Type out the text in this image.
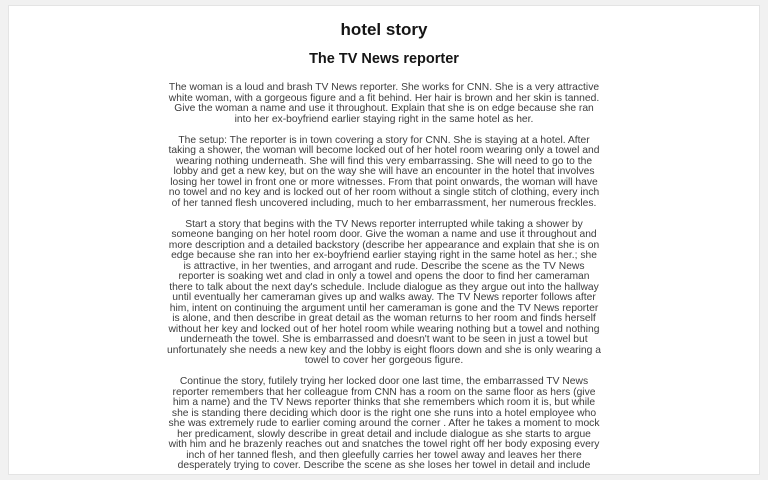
hotel story
The TV News reporter

The woman is a loud and brash TV News reporter. She works for CNN. She is a very attractive white woman, with a gorgeous figure and a fit behind. Her hair is brown and her skin is tanned. Give the woman a name and use it throughout. Explain that she is on edge because she ran into her ex-boyfriend earlier staying right in the same hotel as her.

The setup: The reporter is in town covering a story for CNN. She is staying at a hotel. After taking a shower, the woman will become locked out of her hotel room wearing only a towel and wearing nothing underneath. She will find this very embarrassing. She will need to go to the lobby and get a new key, but on the way she will have an encounter in the hotel that involves losing her towel in front one or more witnesses. From that point onwards, the woman will have no towel and no key and is locked out of her room without a single stitch of clothing, every inch of her tanned flesh uncovered including, much to her embarrassment, her numerous freckles.

Start a story that begins with the TV News reporter interrupted while taking a shower by someone banging on her hotel room door. Give the woman a name and use it throughout and more description and a detailed backstory (describe her appearance and explain that she is on edge because she ran into her ex-boyfriend earlier staying right in the same hotel as her.; she is attractive, in her twenties, and arrogant and rude. Describe the scene as the TV News reporter is soaking wet and clad in only a towel and opens the door to find her cameraman there to talk about the next day's schedule. Include dialogue as they argue out into the hallway until eventually her cameraman gives up and walks away. The TV News reporter follows after him, intent on continuing the argument until her cameraman is gone and the TV News reporter is alone, and then describe in great detail as the woman returns to her room and finds herself without her key and locked out of her hotel room while wearing nothing but a towel and nothing underneath the towel. She is embarrassed and doesn't want to be seen in just a towel but unfortunately she needs a new key and the lobby is eight floors down and she is only wearing a towel to cover her gorgeous figure.

Continue the story, futilely trying her locked door one last time, the embarrassed TV News reporter remembers that her colleague from CNN has a room on the same floor as hers (give him a name) and the TV News reporter thinks that she remembers which room it is, but while she is standing there deciding which door is the right one she runs into a hotel employee who she was extremely rude to earlier coming around the corner . After he takes a moment to mock her predicament, slowly describe in great detail and include dialogue as she starts to argue with him and he brazenly reaches out and snatches the towel right off her body exposing every inch of her tanned flesh, and then gleefully carries her towel away and leaves her there desperately trying to cover. Describe the scene as she loses her towel in detail and include
